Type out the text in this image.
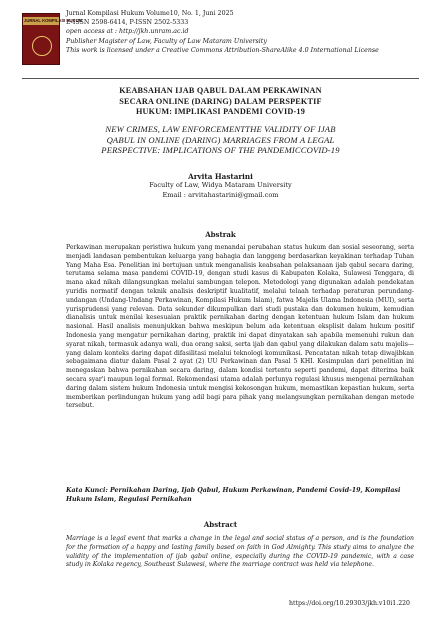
JURNAL KOMPILASI HUKUM
Jurnal Kompilasi Hukum Volume10, No. 1, Juni 2025
E-ISSN 2598-6414, P-ISSN 2502-5333
open access at : http://jkh.unram.ac.id
Publisher Magister of Law, Faculty of Law Mataram University
This work is licensed under a Creative Commons Attribution-ShareAlike 4.0 International License
KEABSAHAN IJAB QABUL DALAM PERKAWINAN
SECARA ONLINE (DARING) DALAM PERSPEKTIF
HUKUM: IMPLIKASI PANDEMI COVID-19
NEW CRIMES, LAW ENFORCEMENTTHE VALIDITY OF IJAB
QABUL IN ONLINE (DARING) MARRIAGES FROM A LEGAL
PERSPECTIVE: IMPLICATIONS OF THE PANDEMICCOVID-19
Arvita Hastarini
Faculty of Law, Widya Mataram University
Email : arvitahastarini@gmail.com
Abstrak
Perkawinan merupakan peristiwa hukum yang menandai perubahan status hukum dan sosial seseorang, serta menjadi landasan pembentukan keluarga yang bahagia dan langgeng berdasarkan keyakinan terhadap Tuhan Yang Maha Esa. Penelitian ini bertujuan untuk menganalisis keabsahan pelaksanaan ijab qabul secara daring, terutama selama masa pandemi COVID-19, dengan studi kasus di Kabupaten Kolaka, Sulawesi Tenggara, di mana akad nikah dilangsungkan melalui sambungan telepon. Metodologi yang digunakan adalah pendekatan yuridis normatif dengan teknik analisis deskriptif kualitatif, melalui telaah terhadap peraturan perundang-undangan (Undang-Undang Perkawinan, Kompilasi Hukum Islam), fatwa Majelis Ulama Indonesia (MUI), serta yurisprudensi yang relevan. Data sekunder dikumpulkan dari studi pustaka dan dokumen hukum, kemudian dianalisis untuk menilai kesesuaian praktik pernikahan daring dengan ketentuan hukum Islam dan hukum nasional. Hasil analisis menunjukkan bahwa meskipun belum ada ketentuan eksplisit dalam hukum positif Indonesia yang mengatur pernikahan daring, praktik ini dapat dinyatakan sah apabila memenuhi rukun dan syarat nikah, termasuk adanya wali, dua orang saksi, serta ijab dan qabul yang dilakukan dalam satu majelis—yang dalam konteks daring dapat difasilitasi melalui teknologi komunikasi. Pencatatan nikah tetap diwajibkan sebagaimana diatur dalam Pasal 2 ayat (2) UU Perkawinan dan Pasal 5 KHI. Kesimpulan dari penelitian ini menegaskan bahwa pernikahan secara daring, dalam kondisi tertentu seperti pandemi, dapat diterima baik secara syar'i maupun legal formal. Rekomendasi utama adalah perlunya regulasi khusus mengenai pernikahan daring dalam sistem hukum Indonesia untuk mengisi kekosongan hukum, memastikan kepastian hukum, serta memberikan perlindungan hukum yang adil bagi para pihak yang melangsungkan pernikahan dengan metode tersebut.
Kata Kunci: Pernikahan Daring, Ijab Qabul, Hukum Perkawinan, Pandemi Covid-19, Kompilasi Hukum Islam, Regulasi Pernikahan
Abstract
Marriage is a legal event that marks a change in the legal and social status of a person, and is the foundation for the formation of a happy and lasting family based on faith in God Almighty. This study aims to analyze the validity of the implementation of ijab qabul online, especially during the COVID-19 pandemic, with a case study in Kolaka regency, Southeast Sulawesi, where the marriage contract was held via telephone.
https://doi.org/10.29303/jkh.v10i1.220
